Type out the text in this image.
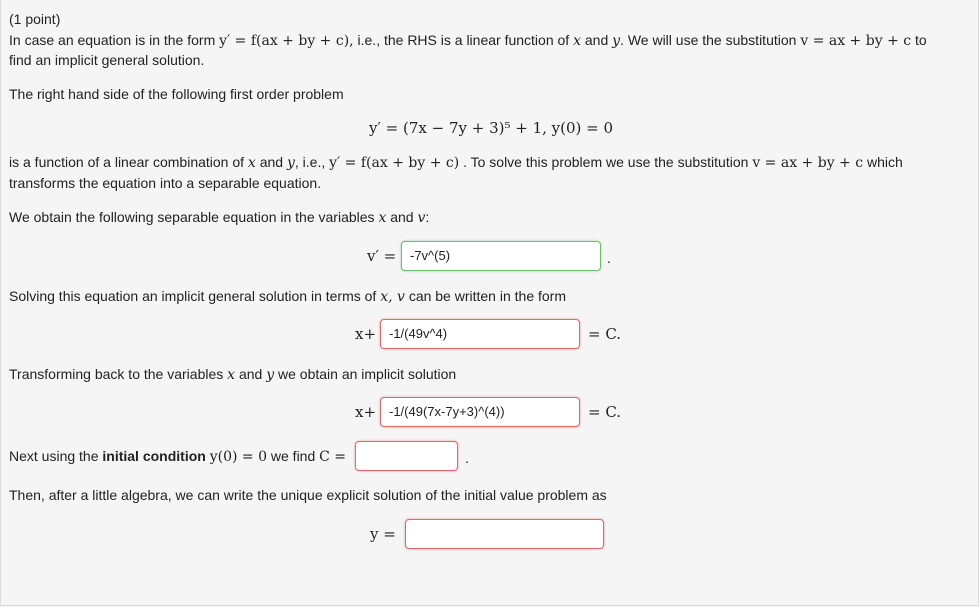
(1 point)
In case an equation is in the form y′ = f(ax + by + c), i.e., the RHS is a linear function of x and y. We will use the substitution v = ax + by + c to
find an implicit general solution.
The right hand side of the following first order problem
y′ = (7x − 7y + 3)⁵ + 1, y(0) = 0
is a function of a linear combination of x and y, i.e., y′ = f(ax + by + c) . To solve this problem we use the substitution v = ax + by + c which
transforms the equation into a separable equation.
We obtain the following separable equation in the variables x and v:
v′ =	-7v^(5)	.
Solving this equation an implicit general solution in terms of x, v can be written in the form
x+ -1/(49v^4)	= C.
Transforming back to the variables x and y we obtain an implicit solution
x+ -1/(49(7x-7y+3)^(4))	= C.
Next using the initial condition y(0) = 0 we find C =	.
Then, after a little algebra, we can write the unique explicit solution of the initial value problem as
y =
